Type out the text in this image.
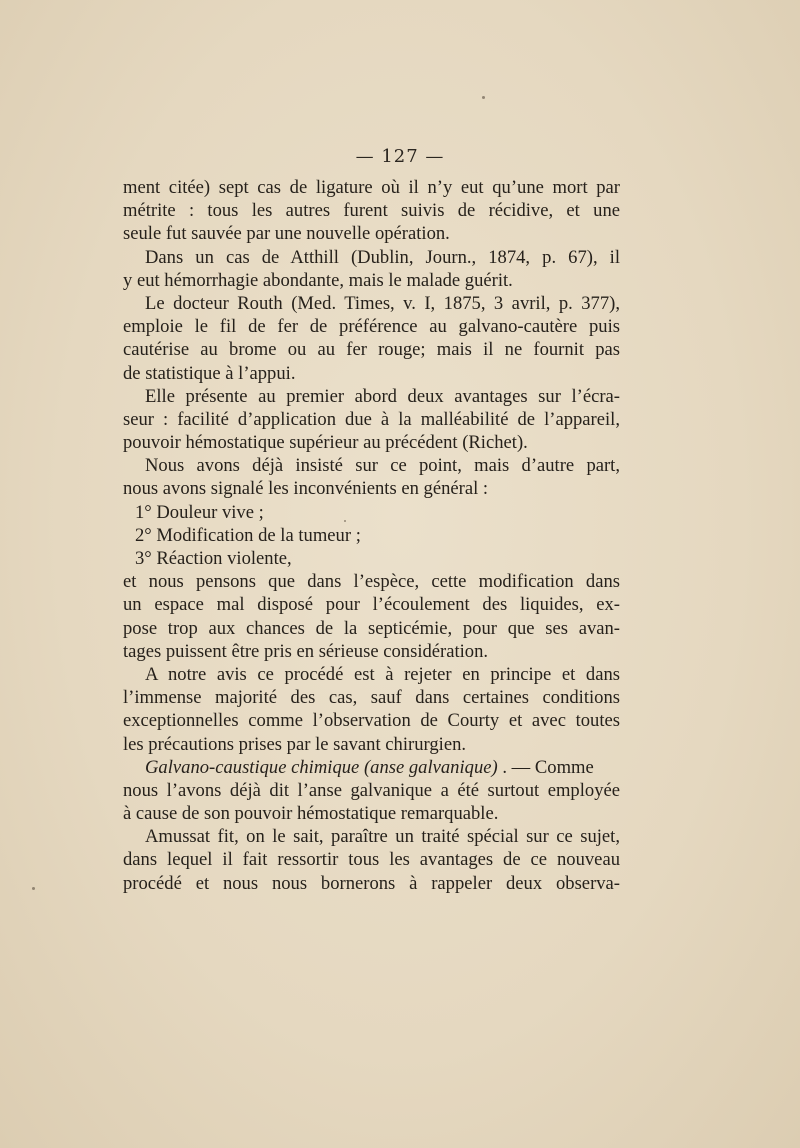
— 127 —
ment citée) sept cas de ligature où il n’y eut qu’une mort par
métrite : tous les autres furent suivis de récidive, et une
seule fut sauvée par une nouvelle opération.
Dans un cas de Atthill (Dublin, Journ., 1874, p. 67), il
y eut hémorrhagie abondante, mais le malade guérit.
Le docteur Routh (Med. Times, v. I, 1875, 3 avril, p. 377),
emploie le fil de fer de préférence au galvano-cautère puis
cautérise au brome ou au fer rouge; mais il ne fournit pas
de statistique à l’appui.
Elle présente au premier abord deux avantages sur l’écra-
seur : facilité d’application due à la malléabilité de l’appareil,
pouvoir hémostatique supérieur au précédent (Richet).
Nous avons déjà insisté sur ce point, mais d’autre part,
nous avons signalé les inconvénients en général :
1° Douleur vive ;
2° Modification de la tumeur ;
3° Réaction violente,
et nous pensons que dans l’espèce, cette modification dans
un espace mal disposé pour l’écoulement des liquides, ex-
pose trop aux chances de la septicémie, pour que ses avan-
tages puissent être pris en sérieuse considération.
A notre avis ce procédé est à rejeter en principe et dans
l’immense majorité des cas, sauf dans certaines conditions
exceptionnelles comme l’observation de Courty et avec toutes
les précautions prises par le savant chirurgien.
Galvano-caustique chimique (anse galvanique) . — Comme
nous l’avons déjà dit l’anse galvanique a été surtout employée
à cause de son pouvoir hémostatique remarquable.
Amussat fit, on le sait, paraître un traité spécial sur ce sujet,
dans lequel il fait ressortir tous les avantages de ce nouveau
procédé et nous nous bornerons à rappeler deux observa-
